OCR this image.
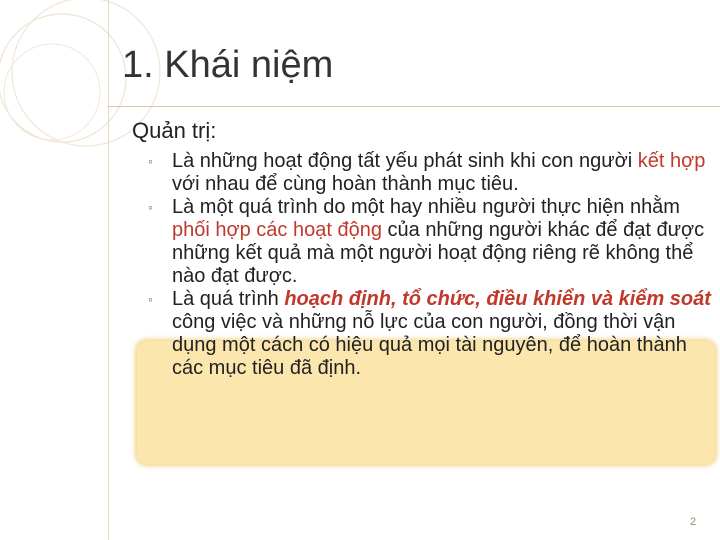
1. Khái niệm
Quản trị:
◦ Là những hoạt động tất yếu phát sinh khi con người kết hợp với nhau để cùng hoàn thành mục tiêu.
◦ Là một quá trình do một hay nhiều người thực hiện nhằm phối hợp các hoạt động của những người khác để đạt được những kết quả mà một người hoạt động riêng rẽ không thể nào đạt được.
◦ Là quá trình hoạch định, tổ chức, điều khiển và kiểm soát công việc và những nỗ lực của con người, đồng thời vận dụng một cách có hiệu quả mọi tài nguyên, để hoàn thành các mục tiêu đã định.
2
